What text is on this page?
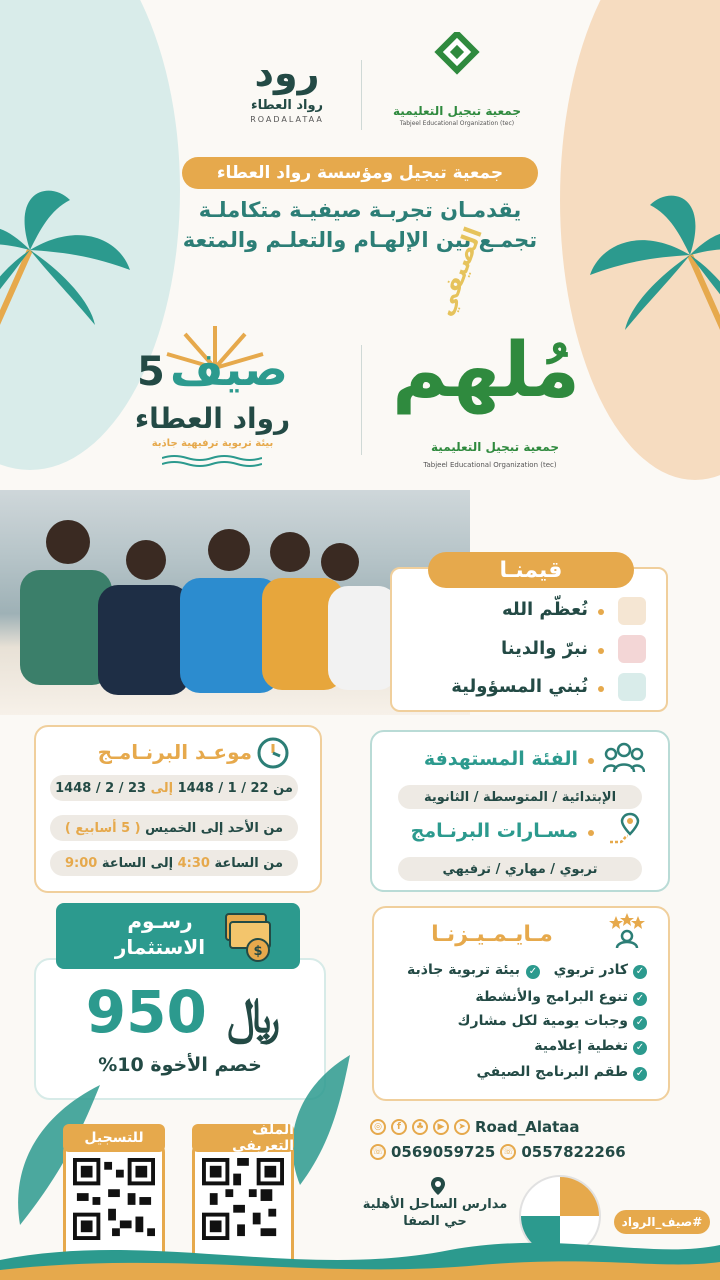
رود
رواد العطاء
ROADALATAA
جمعية تبجيل التعليمية
Tabjeel Educational Organization (tec)
جمعية تبجيل ومؤسسة رواد العطاء
يقدمـان تجربـة صيفيـة متكاملـة
تجمـع بين الإلهـام والتعلـم والمتعة
صيف 5
رواد العطاء
بيئة تربوية ترفيهية جاذبة
الصيفي
مُلهم
جمعية تبجيل التعليمية
Tabjeel Educational Organization (tec)
قيمنـا
نُعظّم الله
نبرّ والدينا
نُبني المسؤولية
موعـد البرنـامـج
من 22 / 1 / 1448

إلى

23 / 2 / 1448
من الأحد إلى الخميس

( 5 أسابيع )
من الساعة

4:30

إلى الساعة

9:00
الفئة المستهدفة
الإبتدائية / المتوسطة / الثانوية
مسـارات البرنـامج
تربوي / مهاري / ترفيهي
رسـوم
الاستثمار	$
950 ﷼
خصم الأخوة 10%
مـايـمـيـزنـا
✓
كادر تربوي
✓
بيئة تربوية جاذبة
✓
تنوع البرامج والأنشطة
✓
وجبات يومية لكل مشارك
✓
تغطية إعلامية
✓
طقم البرنامج الصيفي
للتسجيل	الملف التعريفي
◎	f	♣	▶	➤ Road_Alataa
☏ 0569059725 ☏ 0557822266
مدارس الساحل الأهلية
حي الصفا	#صيف_الرواد
